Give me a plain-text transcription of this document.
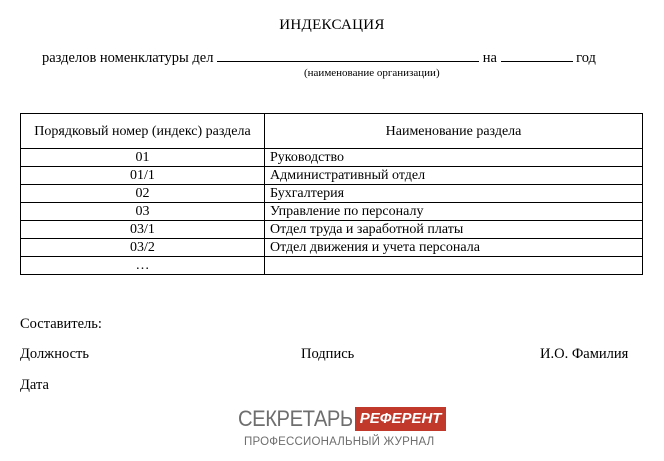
ИНДЕКСАЦИЯ
разделов номенклатуры дел	на	год
(наименование организации)
Порядковый номер (индекс) раздела	Наименование раздела
01	Руководство
01/1	Административный отдел
02	Бухгалтерия
03	Управление по персоналу
03/1	Отдел труда и заработной платы
03/2	Отдел движения и учета персонала
…	
Составитель:
Должность	Подпись	И.О. Фамилия
Дата
СЕКРЕТАРЬ РЕФЕРЕНТ
ПРОФЕССИОНАЛЬНЫЙ ЖУРНАЛ
